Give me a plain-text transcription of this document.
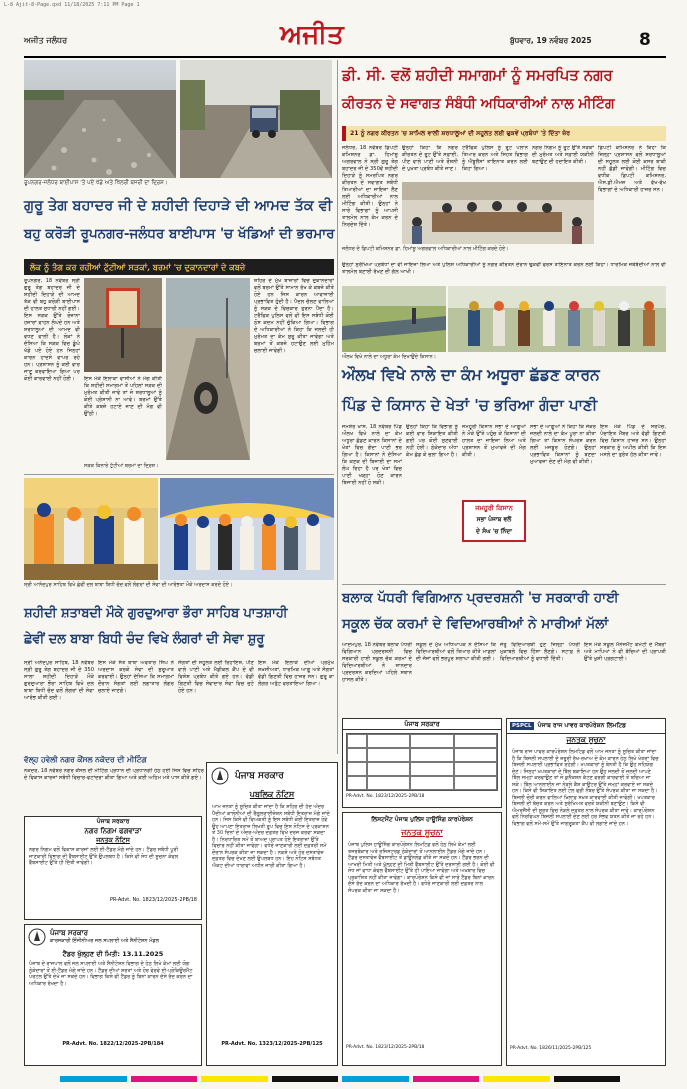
L-8 Ajit-8-Page.qxd 11/18/2025 7:11 PM Page 1
ਅਜੀਤ ਜਲੰਧਰ	ਅਜੀਤ	ਬੁੱਧਵਾਰ, 19 ਨਵੰਬਰ 2025	8
ਰੂਪਨਗਰ-ਜਲੰਧਰ ਬਾਈਪਾਸ 'ਤੇ ਪਏ ਖੱਡੇ ਅਤੇ ਖਿੱਲਰੀ ਬਜਰੀ ਦਾ ਦ੍ਰਿਸ਼।
ਗੁਰੂ ਤੇਗ ਬਹਾਦਰ ਜੀ ਦੇ ਸ਼ਹੀਦੀ ਦਿਹਾੜੇ ਦੀ ਆਮਦ ਤੱਕ ਵੀ
ਬਹੁ ਕਰੋੜੀ ਰੂਪਨਗਰ-ਜਲੰਧਰ ਬਾਈਪਾਸ 'ਚ ਖੱਡਿਆਂ ਦੀ ਭਰਮਾਰ
ਲੋਕ ਨੂੰ ਤੰਗ ਕਰ ਰਹੀਆਂ ਟੁੱਟੀਆਂ ਸੜਕਾਂ, ਬਰਮਾਂ 'ਚ ਦੁਕਾਨਦਾਰਾਂ ਦੇ ਕਬਜ਼ੇ
ਰੂਪਨਗਰ, 18 ਨਵੰਬਰ ਸ੍ਰੀ ਗੁਰੂ ਤੇਗ ਬਹਾਦਰ ਜੀ ਦੇ ਸ਼ਹੀਦੀ ਦਿਹਾੜੇ ਦੀ ਆਮਦ ਤੱਕ ਵੀ ਬਹੁ ਕਰੋੜੀ ਬਾਈਪਾਸ ਦੀ ਹਾਲਤ ਸੁਧਾਰੀ ਨਹੀਂ ਗਈ। ਇਸ ਸੜਕ ਉੱਤੇ ਰੋਜ਼ਾਨਾ ਹਜ਼ਾਰਾਂ ਵਾਹਨ ਲੰਘਦੇ ਹਨ ਅਤੇ ਸ਼ਰਧਾਲੂਆਂ ਦੀ ਆਮਦ ਵੀ ਵਧਣ ਵਾਲੀ ਹੈ। ਲੋਕਾਂ ਨੇ ਦੱਸਿਆ ਕਿ ਸੜਕ ਵਿਚ ਡੂੰਘੇ ਖੱਡੇ ਪਏ ਹੋਏ ਹਨ ਜਿਨ੍ਹਾਂ ਕਾਰਨ ਹਾਦਸੇ ਵਾਪਰ ਰਹੇ ਹਨ। ਪ੍ਰਸ਼ਾਸਨ ਨੂੰ ਕਈ ਵਾਰ ਜਾਣੂ ਕਰਵਾਇਆ ਗਿਆ ਪਰ ਕੋਈ ਕਾਰਵਾਈ ਨਹੀਂ ਹੋਈ।	ਇਸ ਮੌਕੇ ਇਲਾਕਾ ਵਾਸੀਆਂ ਨੇ ਮੰਗ ਕੀਤੀ ਕਿ ਸ਼ਹੀਦੀ ਸਮਾਗਮਾਂ ਤੋਂ ਪਹਿਲਾਂ ਸੜਕ ਦੀ ਮੁਰੰਮਤ ਕੀਤੀ ਜਾਵੇ ਤਾਂ ਜੋ ਸ਼ਰਧਾਲੂਆਂ ਨੂੰ ਕੋਈ ਪ੍ਰੇਸ਼ਾਨੀ ਨਾ ਆਵੇ। ਬਰਮਾਂ ਉੱਤੇ ਕੀਤੇ ਕਬਜ਼ੇ ਹਟਾਏ ਜਾਣ ਦੀ ਮੰਗ ਵੀ ਉੱਠੀ।
ਸੜਕ ਕਿਨਾਰੇ ਟੁੱਟੀਆਂ ਬਰਮਾਂ ਦਾ ਦ੍ਰਿਸ਼।
ਸ਼ਹਿਰ ਦੇ ਮੁੱਖ ਬਾਜ਼ਾਰਾਂ ਵਿਚ ਦੁਕਾਨਦਾਰਾਂ ਵਲੋਂ ਬਰਮਾਂ ਉੱਤੇ ਸਾਮਾਨ ਰੱਖ ਕੇ ਕਬਜ਼ੇ ਕੀਤੇ ਹੋਏ ਹਨ ਜਿਸ ਕਾਰਨ ਆਵਾਜਾਈ ਪ੍ਰਭਾਵਿਤ ਹੁੰਦੀ ਹੈ। ਪੈਦਲ ਚੱਲਣ ਵਾਲਿਆਂ ਨੂੰ ਸੜਕ ਦੇ ਵਿਚਕਾਰ ਤੁਰਨਾ ਪੈਂਦਾ ਹੈ। ਟਰੈਫਿਕ ਪੁਲਿਸ ਵਲੋਂ ਵੀ ਇਸ ਸਬੰਧੀ ਕੋਈ ਠੋਸ ਕਦਮ ਨਹੀਂ ਚੁੱਕਿਆ ਗਿਆ। ਵਿਭਾਗ ਦੇ ਅਧਿਕਾਰੀਆਂ ਨੇ ਕਿਹਾ ਕਿ ਜਲਦੀ ਹੀ ਮੁਰੰਮਤ ਦਾ ਕੰਮ ਸ਼ੁਰੂ ਕੀਤਾ ਜਾਵੇਗਾ ਅਤੇ ਬਰਮਾਂ ਤੋਂ ਕਬਜ਼ੇ ਹਟਾਉਣ ਲਈ ਮੁਹਿੰਮ ਚਲਾਈ ਜਾਵੇਗੀ।
ਡੀ. ਸੀ. ਵਲੋਂ ਸ਼ਹੀਦੀ ਸਮਾਗਮਾਂ ਨੂੰ ਸਮਰਪਿਤ ਨਗਰ
ਕੀਰਤਨ ਦੇ ਸਵਾਗਤ ਸੰਬੰਧੀ ਅਧਿਕਾਰੀਆਂ ਨਾਲ ਮੀਟਿੰਗ
21 ਨੂੰ ਨਗਰ ਕੀਰਤਨ 'ਚ ਸ਼ਾਮਿਲ ਵਾਲੀ ਸ਼ਰਧਾਲੂਆਂ ਦੀ ਸਹੂਲਤ ਲਈ ਢੁਕਵੇਂ ਪ੍ਰਬੰਧਾਂ 'ਤੇ ਦਿੱਤਾ ਜ਼ੋਰ
ਜਲੰਧਰ, 18 ਨਵੰਬਰ ਡਿਪਟੀ ਕਮਿਸ਼ਨਰ ਡਾ. ਹਿਮਾਂਸ਼ੂ ਅਗਰਵਾਲ ਨੇ ਸ੍ਰੀ ਗੁਰੂ ਤੇਗ ਬਹਾਦਰ ਜੀ ਦੇ 350ਵੇਂ ਸ਼ਹੀਦੀ ਦਿਹਾੜੇ ਨੂੰ ਸਮਰਪਿਤ ਨਗਰ ਕੀਰਤਨ ਦੇ ਸਵਾਗਤ ਸਬੰਧੀ ਤਿਆਰੀਆਂ ਦਾ ਜਾਇਜ਼ਾ ਲੈਣ ਲਈ ਅਧਿਕਾਰੀਆਂ ਨਾਲ ਮੀਟਿੰਗ ਕੀਤੀ। ਉਨ੍ਹਾਂ ਨੇ ਸਾਰੇ ਵਿਭਾਗਾਂ ਨੂੰ ਆਪਸੀ ਤਾਲਮੇਲ ਨਾਲ ਕੰਮ ਕਰਨ ਦੇ ਨਿਰਦੇਸ਼ ਦਿੱਤੇ।
ਉਨ੍ਹਾਂ ਕਿਹਾ ਕਿ ਨਗਰ ਕੀਰਤਨ ਦੇ ਰੂਟ ਉੱਤੇ ਸਫ਼ਾਈ, ਪੀਣ ਵਾਲੇ ਪਾਣੀ ਅਤੇ ਰੌਸ਼ਨੀ ਦੇ ਪੁਖ਼ਤਾ ਪ੍ਰਬੰਧ ਕੀਤੇ ਜਾਣ।
ਟਰੈਫਿਕ ਪੁਲਿਸ ਨੂੰ ਰੂਟ ਪਲਾਨ ਤਿਆਰ ਕਰਨ ਅਤੇ ਸਿਹਤ ਵਿਭਾਗ ਨੂੰ ਐਂਬੂਲੈਂਸਾਂ ਤਾਇਨਾਤ ਕਰਨ ਲਈ ਕਿਹਾ ਗਿਆ।
ਨਗਰ ਨਿਗਮ ਨੂੰ ਰੂਟ ਉੱਤੇ ਸੜਕਾਂ ਦੀ ਮੁਰੰਮਤ ਅਤੇ ਸਫ਼ਾਈ ਯਕੀਨੀ ਬਣਾਉਣ ਦੀ ਹਦਾਇਤ ਕੀਤੀ।
ਡਿਪਟੀ ਕਮਿਸ਼ਨਰ ਨੇ ਕਿਹਾ ਕਿ ਜ਼ਿਲ੍ਹਾ ਪ੍ਰਸ਼ਾਸਨ ਵਲੋਂ ਸ਼ਰਧਾਲੂਆਂ ਦੀ ਸਹੂਲਤ ਲਈ ਕੋਈ ਕਸਰ ਬਾਕੀ ਨਹੀਂ ਛੱਡੀ ਜਾਵੇਗੀ। ਮੀਟਿੰਗ ਵਿਚ ਵਧੀਕ ਡਿਪਟੀ ਕਮਿਸ਼ਨਰ, ਐਸ.ਡੀ.ਐਮਜ਼ ਅਤੇ ਵੱਖ-ਵੱਖ ਵਿਭਾਗਾਂ ਦੇ ਅਧਿਕਾਰੀ ਹਾਜ਼ਰ ਸਨ।
ਜਲੰਧਰ ਦੇ ਡਿਪਟੀ ਕਮਿਸ਼ਨਰ ਡਾ. ਹਿਮਾਂਸ਼ੂ ਅਗਰਵਾਲ ਅਧਿਕਾਰੀਆਂ ਨਾਲ ਮੀਟਿੰਗ ਕਰਦੇ ਹੋਏ।
ਉਨ੍ਹਾਂ ਸੁਰੱਖਿਆ ਪ੍ਰਬੰਧਾਂ ਦਾ ਵੀ ਜਾਇਜ਼ਾ ਲਿਆ ਅਤੇ ਪੁਲਿਸ ਅਧਿਕਾਰੀਆਂ ਨੂੰ ਨਗਰ ਕੀਰਤਨ ਦੌਰਾਨ ਢੁਕਵੀਂ ਫੋਰਸ ਤਾਇਨਾਤ ਕਰਨ ਲਈ ਕਿਹਾ। ਧਾਰਮਿਕ ਜਥੇਬੰਦੀਆਂ ਨਾਲ ਵੀ ਤਾਲਮੇਲ ਬਣਾਈ ਰੱਖਣ ਦੀ ਗੱਲ ਆਖੀ।
ਔਲਖ ਵਿਖੇ ਨਾਲੇ ਦਾ ਅਧੂਰਾ ਕੰਮ ਦਿਖਾਉਂਦੇ ਕਿਸਾਨ।
ਔਲਖ ਵਿਖੇ ਨਾਲੇ ਦਾ ਕੰਮ ਅਧੂਰਾ ਛੱਡਣ ਕਾਰਨ
ਪਿੰਡ ਦੇ ਕਿਸਾਨ ਦੇ ਖੇਤਾਂ 'ਚ ਭਰਿਆ ਗੰਦਾ ਪਾਣੀ
ਜਮਸ਼ੇਰ ਖ਼ਾਸ, 18 ਨਵੰਬਰ ਪਿੰਡ ਔਲਖ ਵਿਖੇ ਨਾਲੇ ਦਾ ਕੰਮ ਅਧੂਰਾ ਛੱਡਣ ਕਾਰਨ ਕਿਸਾਨਾਂ ਦੇ ਖੇਤਾਂ ਵਿਚ ਗੰਦਾ ਪਾਣੀ ਭਰ ਗਿਆ ਹੈ। ਕਿਸਾਨਾਂ ਨੇ ਦੱਸਿਆ ਕਿ ਕਣਕ ਦੀ ਬਿਜਾਈ ਦਾ ਸਮਾਂ ਲੰਘ ਰਿਹਾ ਹੈ ਪਰ ਖੇਤਾਂ ਵਿਚ ਪਾਣੀ ਖੜ੍ਹਾ ਹੋਣ ਕਾਰਨ ਬਿਜਾਈ ਨਹੀਂ ਹੋ ਸਕੀ।
ਉਨ੍ਹਾਂ ਕਿਹਾ ਕਿ ਵਿਭਾਗ ਨੂੰ ਕਈ ਵਾਰ ਸ਼ਿਕਾਇਤ ਕੀਤੀ ਗਈ ਪਰ ਕੋਈ ਸੁਣਵਾਈ ਨਹੀਂ ਹੋਈ। ਠੇਕੇਦਾਰ ਅੱਧਾ ਕੰਮ ਛੱਡ ਕੇ ਚਲਾ ਗਿਆ ਹੈ।
ਜਮਹੂਰੀ ਕਿਸਾਨ
ਸਭਾ ਪੰਜਾਬ ਵਲੋਂ
ਦੇ ਸੰਘ 'ਚ ਨਿੰਦਾ
ਜਮਹੂਰੀ ਕਿਸਾਨ ਸਭਾ ਦੇ ਆਗੂਆਂ ਨੇ ਮੌਕੇ ਉੱਤੇ ਪਹੁੰਚ ਕੇ ਕਿਸਾਨਾਂ ਦੀ ਹਾਲਤ ਦਾ ਜਾਇਜ਼ਾ ਲਿਆ ਅਤੇ ਪ੍ਰਸ਼ਾਸਨ ਤੋਂ ਮੁਆਵਜ਼ੇ ਦੀ ਮੰਗ ਕੀਤੀ।
ਸਭਾ ਦੇ ਆਗੂਆਂ ਨੇ ਕਿਹਾ ਕਿ ਜੇਕਰ ਜਲਦੀ ਨਾਲੇ ਦਾ ਕੰਮ ਪੂਰਾ ਨਾ ਕੀਤਾ ਗਿਆ ਤਾਂ ਕਿਸਾਨ ਸੰਘਰਸ਼ ਕਰਨ ਲਈ ਮਜਬੂਰ ਹੋਣਗੇ। ਉਨ੍ਹਾਂ ਪ੍ਰਭਾਵਿਤ ਕਿਸਾਨਾਂ ਨੂੰ ਬਣਦਾ ਮੁਆਵਜ਼ਾ ਦੇਣ ਦੀ ਮੰਗ ਵੀ ਕੀਤੀ।
ਇਸ ਮੌਕੇ ਪਿੰਡ ਦੇ ਸਰਪੰਚ, ਪੰਚਾਇਤ ਮੈਂਬਰ ਅਤੇ ਵੱਡੀ ਗਿਣਤੀ ਵਿਚ ਕਿਸਾਨ ਹਾਜ਼ਰ ਸਨ। ਉਨ੍ਹਾਂ ਸਰਕਾਰ ਨੂੰ ਅਪੀਲ ਕੀਤੀ ਕਿ ਇਸ ਮਸਲੇ ਦਾ ਤੁਰੰਤ ਹੱਲ ਕੀਤਾ ਜਾਵੇ।
ਸ੍ਰੀ ਆਨੰਦਪੁਰ ਸਾਹਿਬ ਵਿਖੇ ਛੇਵੀਂ ਦਲ ਬਾਬਾ ਬਿਧੀ ਚੰਦ ਵਲੋਂ ਲੰਗਰਾਂ ਦੀ ਸੇਵਾ ਦੀ ਆਰੰਭਤਾ ਮੌਕੇ ਅਰਦਾਸ ਕਰਦੇ ਹੋਏ।
ਸ਼ਹੀਦੀ ਸ਼ਤਾਬਦੀ ਮੌਕੇ ਗੁਰਦੁਆਰਾ ਭੌਰਾ ਸਾਹਿਬ ਪਾਤਸ਼ਾਹੀ
ਛੇਵੀਂ ਦਲ ਬਾਬਾ ਬਿਧੀ ਚੰਦ ਵਿਖੇ ਲੰਗਰਾਂ ਦੀ ਸੇਵਾ ਸ਼ੁਰੂ
ਸ੍ਰੀ ਅਨੰਦਪੁਰ ਸਾਹਿਬ, 18 ਨਵੰਬਰ ਸ੍ਰੀ ਗੁਰੂ ਤੇਗ ਬਹਾਦਰ ਜੀ ਦੇ 350 ਸਾਲਾ ਸ਼ਹੀਦੀ ਦਿਹਾੜੇ ਮੌਕੇ ਗੁਰਦੁਆਰਾ ਭੌਰਾ ਸਾਹਿਬ ਵਿਖੇ ਦਲ ਬਾਬਾ ਬਿਧੀ ਚੰਦ ਵਲੋਂ ਲੰਗਰਾਂ ਦੀ ਸੇਵਾ ਆਰੰਭ ਕੀਤੀ ਗਈ।
ਇਸ ਮੌਕੇ ਸੰਤ ਬਾਬਾ ਅਵਤਾਰ ਸਿੰਘ ਨੇ ਅਰਦਾਸ ਕਰਕੇ ਸੇਵਾ ਦੀ ਸ਼ੁਰੂਆਤ ਕਰਵਾਈ। ਉਨ੍ਹਾਂ ਦੱਸਿਆ ਕਿ ਸਮਾਗਮਾਂ ਦੌਰਾਨ ਸੰਗਤਾਂ ਲਈ ਲਗਾਤਾਰ ਲੰਗਰ ਚਲਾਏ ਜਾਣਗੇ।
ਸੰਗਤਾਂ ਦੀ ਸਹੂਲਤ ਲਈ ਰਿਹਾਇਸ਼, ਪੀਣ ਵਾਲੇ ਪਾਣੀ ਅਤੇ ਮੈਡੀਕਲ ਕੈਂਪ ਦੇ ਵੀ ਵਿਸ਼ੇਸ਼ ਪ੍ਰਬੰਧ ਕੀਤੇ ਗਏ ਹਨ। ਵੱਡੀ ਗਿਣਤੀ ਵਿਚ ਸੇਵਾਦਾਰ ਸੇਵਾ ਵਿਚ ਜੁਟੇ ਹੋਏ ਹਨ।
ਇਸ ਮੌਕੇ ਇਲਾਕੇ ਦੀਆਂ ਪ੍ਰਮੁੱਖ ਸ਼ਖ਼ਸੀਅਤਾਂ, ਧਾਰਮਿਕ ਆਗੂ ਅਤੇ ਸੰਗਤਾਂ ਵੱਡੀ ਗਿਣਤੀ ਵਿਚ ਹਾਜ਼ਰ ਸਨ। ਗੁਰੂ ਕਾ ਲੰਗਰ ਅਤੁੱਟ ਵਰਤਾਇਆ ਗਿਆ।
ਬਲਾਕ ਪੱਧਰੀ ਵਿਗਿਆਨ ਪ੍ਰਦਰਸ਼ਨੀ 'ਚ ਸਰਕਾਰੀ ਹਾਈ
ਸਕੂਲ ਚੱਕ ਕਰਮਾਂ ਦੇ ਵਿਦਿਆਰਥੀਆਂ ਨੇ ਮਾਰੀਆਂ ਮੱਲਾਂ
ਆਦਮਪੁਰ, 18 ਨਵੰਬਰ ਬਲਾਕ ਪੱਧਰੀ ਵਿਗਿਆਨ ਪ੍ਰਦਰਸ਼ਨੀ ਵਿਚ ਸਰਕਾਰੀ ਹਾਈ ਸਕੂਲ ਚੱਕ ਕਰਮਾਂ ਦੇ ਵਿਦਿਆਰਥੀਆਂ ਨੇ ਸ਼ਾਨਦਾਰ ਪ੍ਰਦਰਸ਼ਨ ਕਰਦਿਆਂ ਪਹਿਲੇ ਸਥਾਨ ਹਾਸਲ ਕੀਤੇ।
ਸਕੂਲ ਦੇ ਮੁੱਖ ਅਧਿਆਪਕ ਨੇ ਦੱਸਿਆ ਕਿ ਵਿਦਿਆਰਥੀਆਂ ਵਲੋਂ ਤਿਆਰ ਕੀਤੇ ਮਾਡਲਾਂ ਦੀ ਜੱਜਾਂ ਵਲੋਂ ਭਰਪੂਰ ਸ਼ਲਾਘਾ ਕੀਤੀ ਗਈ।
ਜੇਤੂ ਵਿਦਿਆਰਥੀ ਹੁਣ ਜ਼ਿਲ੍ਹਾ ਪੱਧਰੀ ਮੁਕਾਬਲੇ ਵਿਚ ਹਿੱਸਾ ਲੈਣਗੇ। ਸਟਾਫ਼ ਨੇ ਵਿਦਿਆਰਥੀਆਂ ਨੂੰ ਵਧਾਈ ਦਿੱਤੀ।
ਇਸ ਮੌਕੇ ਸਕੂਲ ਮੈਨੇਜਮੈਂਟ ਕਮੇਟੀ ਦੇ ਮੈਂਬਰਾਂ ਅਤੇ ਮਾਪਿਆਂ ਨੇ ਵੀ ਬੱਚਿਆਂ ਦੀ ਪ੍ਰਾਪਤੀ ਉੱਤੇ ਖੁਸ਼ੀ ਪ੍ਰਗਟਾਈ।
ਵੱਲ੍ਹ ਹਵੇਲੀ ਨਗਰ ਕੌਂਸਲ ਨਕੋਦਰ ਦੀ ਮੀਟਿੰਗ
ਨਕੋਦਰ, 18 ਨਵੰਬਰ ਨਗਰ ਕੌਂਸਲ ਦੀ ਮੀਟਿੰਗ ਪ੍ਰਧਾਨ ਦੀ ਪ੍ਰਧਾਨਗੀ ਹੇਠ ਹੋਈ ਜਿਸ ਵਿਚ ਸ਼ਹਿਰ ਦੇ ਵਿਕਾਸ ਕਾਰਜਾਂ ਸਬੰਧੀ ਵਿਚਾਰ-ਵਟਾਂਦਰਾ ਕੀਤਾ ਗਿਆ ਅਤੇ ਕਈ ਅਹਿਮ ਮਤੇ ਪਾਸ ਕੀਤੇ ਗਏ।
ਪੰਜਾਬ ਸਰਕਾਰ
ਨਗਰ ਨਿਗਮ ਫਗਵਾੜਾ
ਜਨਤਕ ਨੋਟਿਸ
ਨਗਰ ਨਿਗਮ ਵਲੋਂ ਵਿਕਾਸ ਕਾਰਜਾਂ ਲਈ ਈ-ਟੈਂਡਰ ਮੰਗੇ ਜਾਂਦੇ ਹਨ। ਟੈਂਡਰ ਸਬੰਧੀ ਪੂਰੀ ਜਾਣਕਾਰੀ ਵਿਭਾਗ ਦੀ ਵੈੱਬਸਾਈਟ ਉੱਤੇ ਉਪਲਬਧ ਹੈ। ਕਿਸੇ ਵੀ ਸੋਧ ਦੀ ਸੂਚਨਾ ਕੇਵਲ ਵੈੱਬਸਾਈਟ ਉੱਤੇ ਹੀ ਦਿੱਤੀ ਜਾਵੇਗੀ।
PR-Advt. No. 1823/12/2025-2PB/18
ਪੰਜਾਬ ਸਰਕਾਰ
ਕਾਰਜਕਾਰੀ ਇੰਜੀਨੀਅਰ ਜਲ ਸਪਲਾਈ ਅਤੇ ਸੈਨੀਟੇਸ਼ਨ ਮੰਡਲ
ਟੈਂਡਰ ਖੁੱਲ੍ਹਣ ਦੀ ਮਿਤੀ: 13.11.2025
ਪੰਜਾਬ ਦੇ ਰਾਜਪਾਲ ਵਲੋਂ ਜਲ ਸਪਲਾਈ ਅਤੇ ਸੈਨੀਟੇਸ਼ਨ ਵਿਭਾਗ ਦੇ ਹੇਠ ਲਿਖੇ ਕੰਮਾਂ ਲਈ ਯੋਗ ਠੇਕੇਦਾਰਾਂ ਤੋਂ ਈ-ਟੈਂਡਰ ਮੰਗੇ ਜਾਂਦੇ ਹਨ। ਟੈਂਡਰ ਦੀਆਂ ਸ਼ਰਤਾਂ ਅਤੇ ਹੋਰ ਵੇਰਵੇ ਈ-ਪ੍ਰੋਕਿਊਰਮੈਂਟ ਪੋਰਟਲ ਉੱਤੇ ਦੇਖੇ ਜਾ ਸਕਦੇ ਹਨ। ਵਿਭਾਗ ਕਿਸੇ ਵੀ ਟੈਂਡਰ ਨੂੰ ਬਿਨਾਂ ਕਾਰਨ ਦੱਸੇ ਰੱਦ ਕਰਨ ਦਾ ਅਧਿਕਾਰ ਰੱਖਦਾ ਹੈ।
PR-Advt. No. 1822/12/2025-2PB/184
ਪੰਜਾਬ ਸਰਕਾਰ
ਪਬਲਿਕ ਨੋਟਿਸ
ਆਮ ਜਨਤਾ ਨੂੰ ਸੂਚਿਤ ਕੀਤਾ ਜਾਂਦਾ ਹੈ ਕਿ ਸ਼ਹਿਰ ਦੀ ਹੱਦ ਅੰਦਰ ਪੈਂਦੀਆਂ ਕਾਲੋਨੀਆਂ ਦੀ ਰੈਗੂਲਰਾਈਜ਼ੇਸ਼ਨ ਸਬੰਧੀ ਇਤਰਾਜ਼ ਮੰਗੇ ਜਾਂਦੇ ਹਨ। ਜਿਸ ਕਿਸੇ ਵੀ ਵਿਅਕਤੀ ਨੂੰ ਇਸ ਸਬੰਧੀ ਕੋਈ ਇਤਰਾਜ਼ ਹੋਵੇ ਉਹ ਆਪਣਾ ਇਤਰਾਜ਼ ਲਿਖਤੀ ਰੂਪ ਵਿਚ ਇਸ ਨੋਟਿਸ ਦੇ ਪ੍ਰਕਾਸ਼ਨ ਤੋਂ 30 ਦਿਨਾਂ ਦੇ ਅੰਦਰ-ਅੰਦਰ ਦਫ਼ਤਰ ਵਿਖੇ ਦਰਜ ਕਰਵਾ ਸਕਦਾ ਹੈ। ਨਿਰਧਾਰਿਤ ਸਮੇਂ ਤੋਂ ਬਾਅਦ ਪ੍ਰਾਪਤ ਹੋਏ ਇਤਰਾਜ਼ਾਂ ਉੱਤੇ ਵਿਚਾਰ ਨਹੀਂ ਕੀਤਾ ਜਾਵੇਗਾ। ਵਧੇਰੇ ਜਾਣਕਾਰੀ ਲਈ ਦਫ਼ਤਰੀ ਸਮੇਂ ਦੌਰਾਨ ਸੰਪਰਕ ਕੀਤਾ ਜਾ ਸਕਦਾ ਹੈ। ਨਕਸ਼ੇ ਅਤੇ ਹੋਰ ਦਸਤਾਵੇਜ਼ ਦਫ਼ਤਰ ਵਿਚ ਦੇਖਣ ਲਈ ਉਪਲਬਧ ਹਨ। ਇਹ ਨੋਟਿਸ ਸਬੰਧਤ ਐਕਟ ਦੀਆਂ ਧਾਰਾਵਾਂ ਅਧੀਨ ਜਾਰੀ ਕੀਤਾ ਗਿਆ ਹੈ।
PR-Advt. No. 1323/12/2025-2PB/125
ਪੰਜਾਬ ਸਰਕਾਰ
PR-Advt. No. 1823/12/2025-2PB/18
ਲਿਸਟਮੈਂਟ ਪੰਜਾਬ ਪੁਲਿਸ ਹਾਊਸਿੰਗ ਕਾਰਪੋਰੇਸ਼ਨ
ਜਨਤਕ ਸੂਚਨਾ
ਪੰਜਾਬ ਪੁਲਿਸ ਹਾਊਸਿੰਗ ਕਾਰਪੋਰੇਸ਼ਨ ਲਿਮਟਿਡ ਵਲੋਂ ਹੇਠ ਲਿਖੇ ਕੰਮਾਂ ਲਈ ਤਜਰਬੇਕਾਰ ਅਤੇ ਰਜਿਸਟਰਡ ਠੇਕੇਦਾਰਾਂ ਤੋਂ ਆਨਲਾਈਨ ਟੈਂਡਰ ਮੰਗੇ ਜਾਂਦੇ ਹਨ। ਟੈਂਡਰ ਦਸਤਾਵੇਜ਼ ਵੈੱਬਸਾਈਟ ਤੋਂ ਡਾਊਨਲੋਡ ਕੀਤੇ ਜਾ ਸਕਦੇ ਹਨ। ਟੈਂਡਰ ਭਰਨ ਦੀ ਆਖਰੀ ਮਿਤੀ ਅਤੇ ਖੁੱਲ੍ਹਣ ਦੀ ਮਿਤੀ ਵੈੱਬਸਾਈਟ ਉੱਤੇ ਦਰਸਾਈ ਗਈ ਹੈ। ਕੋਈ ਵੀ ਸੋਧ ਜਾਂ ਵਾਧਾ ਕੇਵਲ ਵੈੱਬਸਾਈਟ ਉੱਤੇ ਹੀ ਪਾਇਆ ਜਾਵੇਗਾ ਅਤੇ ਅਖ਼ਬਾਰ ਵਿਚ ਪ੍ਰਕਾਸ਼ਿਤ ਨਹੀਂ ਕੀਤਾ ਜਾਵੇਗਾ। ਕਾਰਪੋਰੇਸ਼ਨ ਕਿਸੇ ਵੀ ਜਾਂ ਸਾਰੇ ਟੈਂਡਰ ਬਿਨਾਂ ਕਾਰਨ ਦੱਸੇ ਰੱਦ ਕਰਨ ਦਾ ਅਧਿਕਾਰ ਰੱਖਦੀ ਹੈ। ਵਧੇਰੇ ਜਾਣਕਾਰੀ ਲਈ ਦਫ਼ਤਰ ਨਾਲ ਸੰਪਰਕ ਕੀਤਾ ਜਾ ਸਕਦਾ ਹੈ।
PR-Advt. No. 1823/12/2025-2PB/18
PSPCL	ਪੰਜਾਬ ਰਾਜ ਪਾਵਰ ਕਾਰਪੋਰੇਸ਼ਨ ਲਿਮਟਿਡ
ਜਨਤਕ ਸੂਚਨਾ
ਪੰਜਾਬ ਰਾਜ ਪਾਵਰ ਕਾਰਪੋਰੇਸ਼ਨ ਲਿਮਟਿਡ ਵਲੋਂ ਆਮ ਜਨਤਾ ਨੂੰ ਸੂਚਿਤ ਕੀਤਾ ਜਾਂਦਾ ਹੈ ਕਿ ਬਿਜਲੀ ਸਪਲਾਈ ਦੇ ਜ਼ਰੂਰੀ ਰੱਖ-ਰਖਾਅ ਦੇ ਕੰਮ ਕਾਰਨ ਹੇਠ ਲਿਖੇ ਖੇਤਰਾਂ ਵਿਚ ਬਿਜਲੀ ਸਪਲਾਈ ਪ੍ਰਭਾਵਿਤ ਰਹੇਗੀ। ਖਪਤਕਾਰਾਂ ਨੂੰ ਬੇਨਤੀ ਹੈ ਕਿ ਉਹ ਸਹਿਯੋਗ ਦੇਣ। ਜਿਨ੍ਹਾਂ ਖਪਤਕਾਰਾਂ ਦੇ ਬਿੱਲ ਬਕਾਇਆ ਹਨ ਉਹ ਜਲਦੀ ਤੋਂ ਜਲਦੀ ਆਪਣੇ ਬਿੱਲ ਜਮ੍ਹਾਂ ਕਰਵਾਉਣ ਤਾਂ ਜੋ ਕੁਨੈਕਸ਼ਨ ਕੱਟਣ ਵਰਗੀ ਕਾਰਵਾਈ ਤੋਂ ਬਚਿਆ ਜਾ ਸਕੇ। ਬਿੱਲ ਆਨਲਾਈਨ ਜਾਂ ਨੇੜਲੇ ਕੈਸ਼ ਕਾਊਂਟਰ ਉੱਤੇ ਜਮ੍ਹਾਂ ਕਰਵਾਏ ਜਾ ਸਕਦੇ ਹਨ। ਕਿਸੇ ਵੀ ਸ਼ਿਕਾਇਤ ਲਈ ਟੋਲ ਫ੍ਰੀ ਨੰਬਰ ਉੱਤੇ ਸੰਪਰਕ ਕੀਤਾ ਜਾ ਸਕਦਾ ਹੈ। ਬਿਜਲੀ ਚੋਰੀ ਕਰਨ ਵਾਲਿਆਂ ਖ਼ਿਲਾਫ਼ ਸਖ਼ਤ ਕਾਰਵਾਈ ਕੀਤੀ ਜਾਵੇਗੀ। ਖਪਤਕਾਰ ਬਿਜਲੀ ਦੀ ਬੱਚਤ ਕਰਨ ਅਤੇ ਸੁਰੱਖਿਅਤ ਵਰਤੋਂ ਯਕੀਨੀ ਬਣਾਉਣ। ਕਿਸੇ ਵੀ ਐਮਰਜੈਂਸੀ ਦੀ ਸੂਰਤ ਵਿਚ ਨੇੜਲੇ ਦਫ਼ਤਰ ਨਾਲ ਸੰਪਰਕ ਕੀਤਾ ਜਾਵੇ। ਕਾਰਪੋਰੇਸ਼ਨ ਵਲੋਂ ਨਿਰਵਿਘਨ ਬਿਜਲੀ ਸਪਲਾਈ ਦੇਣ ਲਈ ਹਰ ਸੰਭਵ ਯਤਨ ਕੀਤੇ ਜਾ ਰਹੇ ਹਨ। ਵਿਭਾਗ ਵਲੋਂ ਸਮੇਂ-ਸਮੇਂ ਉੱਤੇ ਜਾਗਰੂਕਤਾ ਕੈਂਪ ਵੀ ਲਗਾਏ ਜਾਂਦੇ ਹਨ।
PR-Advt. No. 1826/11/2025-2PB/125
